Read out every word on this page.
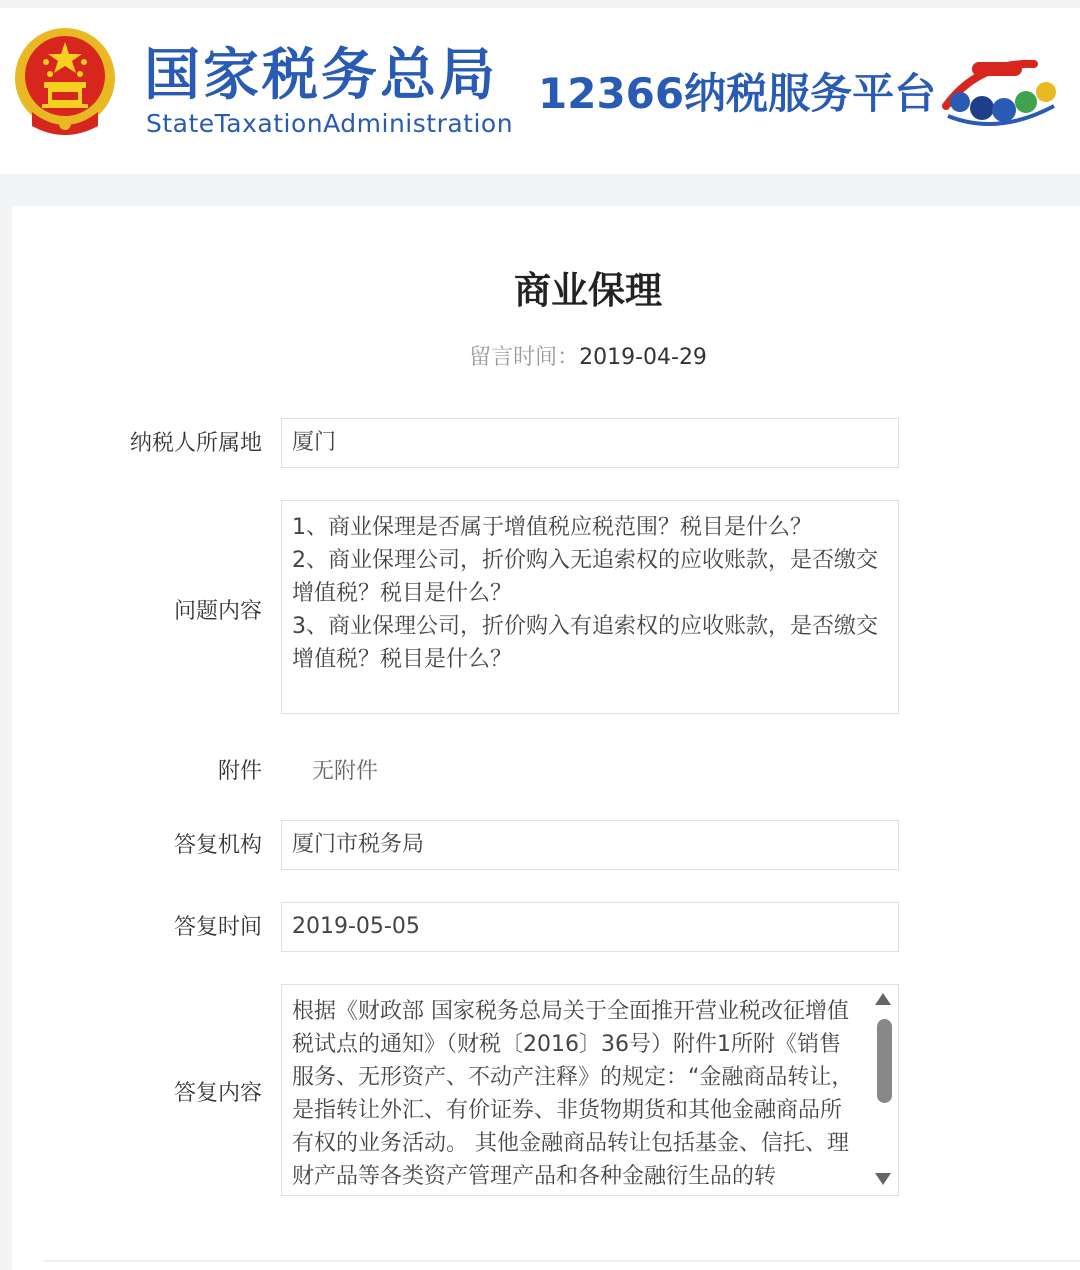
国家税务总局
StateTaxationAdministration
12366纳税服务平台
商业保理
留言时间：2019-04-29
纳税人所属地	厦门
问题内容

1、商业保理是否属于增值税应税范围？税目是什么？

2、商业保理公司，折价购入无追索权的应收账款，是否缴交增值税？税目是什么？

3、商业保理公司，折价购入有追索权的应收账款，是否缴交增值税？税目是什么？

附件 无附件
答复机构	厦门市税务局
答复时间	2019-05-05
答复内容
根据《财政部 国家税务总局关于全面推开营业税改征增值税试点的通知》（财税〔2016〕36号）附件1所附《销售服务、无形资产、不动产注释》的规定：“金融商品转让，是指转让外汇、有价证券、非货物期货和其他金融商品所有权的业务活动。 其他金融商品转让包括基金、信托、理财产品等各类资产管理产品和各种金融衍生品的转
